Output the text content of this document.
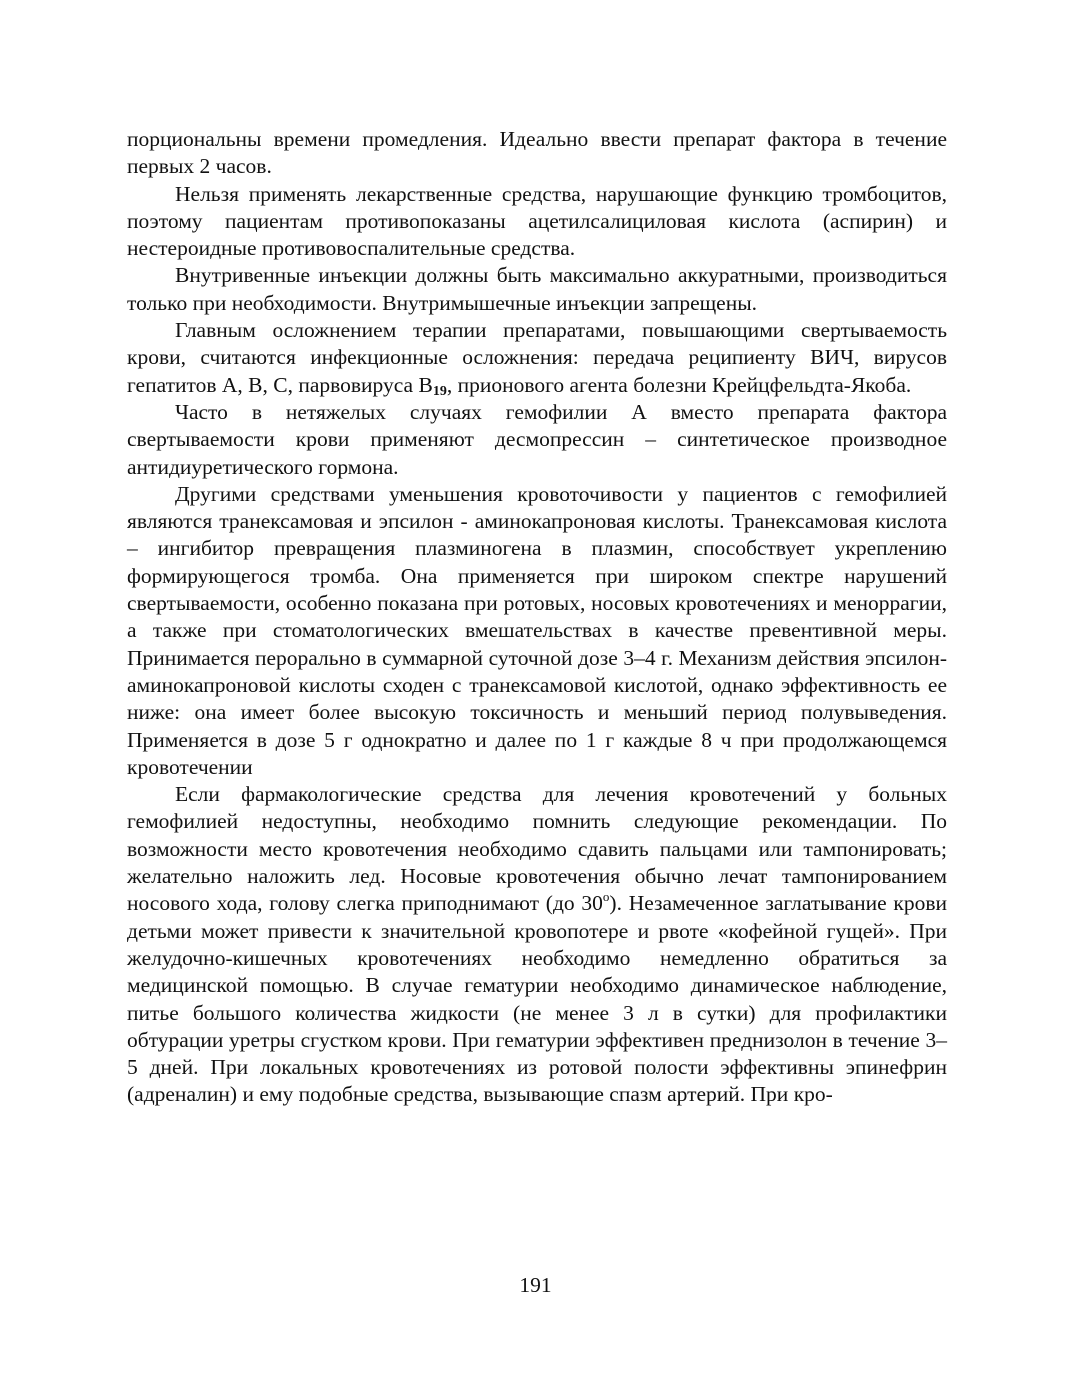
порциональны времени промедления. Идеально ввести препарат фактора в течение первых 2 часов.

Нельзя применять лекарственные средства, нарушающие функцию тромбоцитов, поэтому пациентам противопоказаны ацетилсалициловая кислота (аспирин) и нестероидные противовоспалительные средства.

Внутривенные инъекции должны быть максимально аккуратными, производиться только при необходимости. Внутримышечные инъекции запрещены.

Главным осложнением терапии препаратами, повышающими свертываемость крови, считаются инфекционные осложнения: передача реципиенту ВИЧ, вирусов гепатитов А, В, С, парвовируса $В_{19}$, прионового агента болезни Крейцфельдта-Якоба.

Часто в нетяжелых случаях гемофилии А вместо препарата фактора свертываемости крови применяют десмопрессин – синтетическое производное антидиуретического гормона.

Другими средствами уменьшения кровоточивости у пациентов с гемофилией являются транексамовая и эпсилон - аминокапроновая кислоты. Транексамовая кислота – ингибитор превращения плазминогена в плазмин, способствует укреплению формирующегося тромба. Она применяется при широком спектре нарушений свертываемости, особенно показана при ротовых, носовых кровотечениях и меноррагии, а также при стоматологических вмешательствах в качестве превентивной меры. Принимается перорально в суммарной суточной дозе 3–4 г. Механизм действия эпсилон-аминокапроновой кислоты сходен с транексамовой кислотой, однако эффективность ее ниже: она имеет более высокую токсичность и меньший период полувыведения. Применяется в дозе 5 г однократно и далее по 1 г каждые 8 ч при продолжающемся кровотечении

Если фармакологические средства для лечения кровотечений у больных гемофилией недоступны, необходимо помнить следующие рекомендации. По возможности место кровотечения необходимо сдавить пальцами или тампонировать; желательно наложить лед. Носовые кровотечения обычно лечат тампонированием носового хода, голову слегка приподнимают (до 30$^o$). Незамеченное заглатывание крови детьми может привести к значительной кровопотере и рвоте «кофейной гущей». При желудочно-кишечных кровотечениях необходимо немедленно обратиться за медицинской помощью. В случае гематурии необходимо динамическое наблюдение, питье большого количества жидкости (не менее 3 л в сутки) для профилактики обтурации уретры сгустком крови. При гематурии эффективен преднизолон в течение 3–5 дней. При локальных кровотечениях из ротовой полости эффективны эпинефрин (адреналин) и ему подобные средства, вызывающие спазм артерий. При кро-

191
